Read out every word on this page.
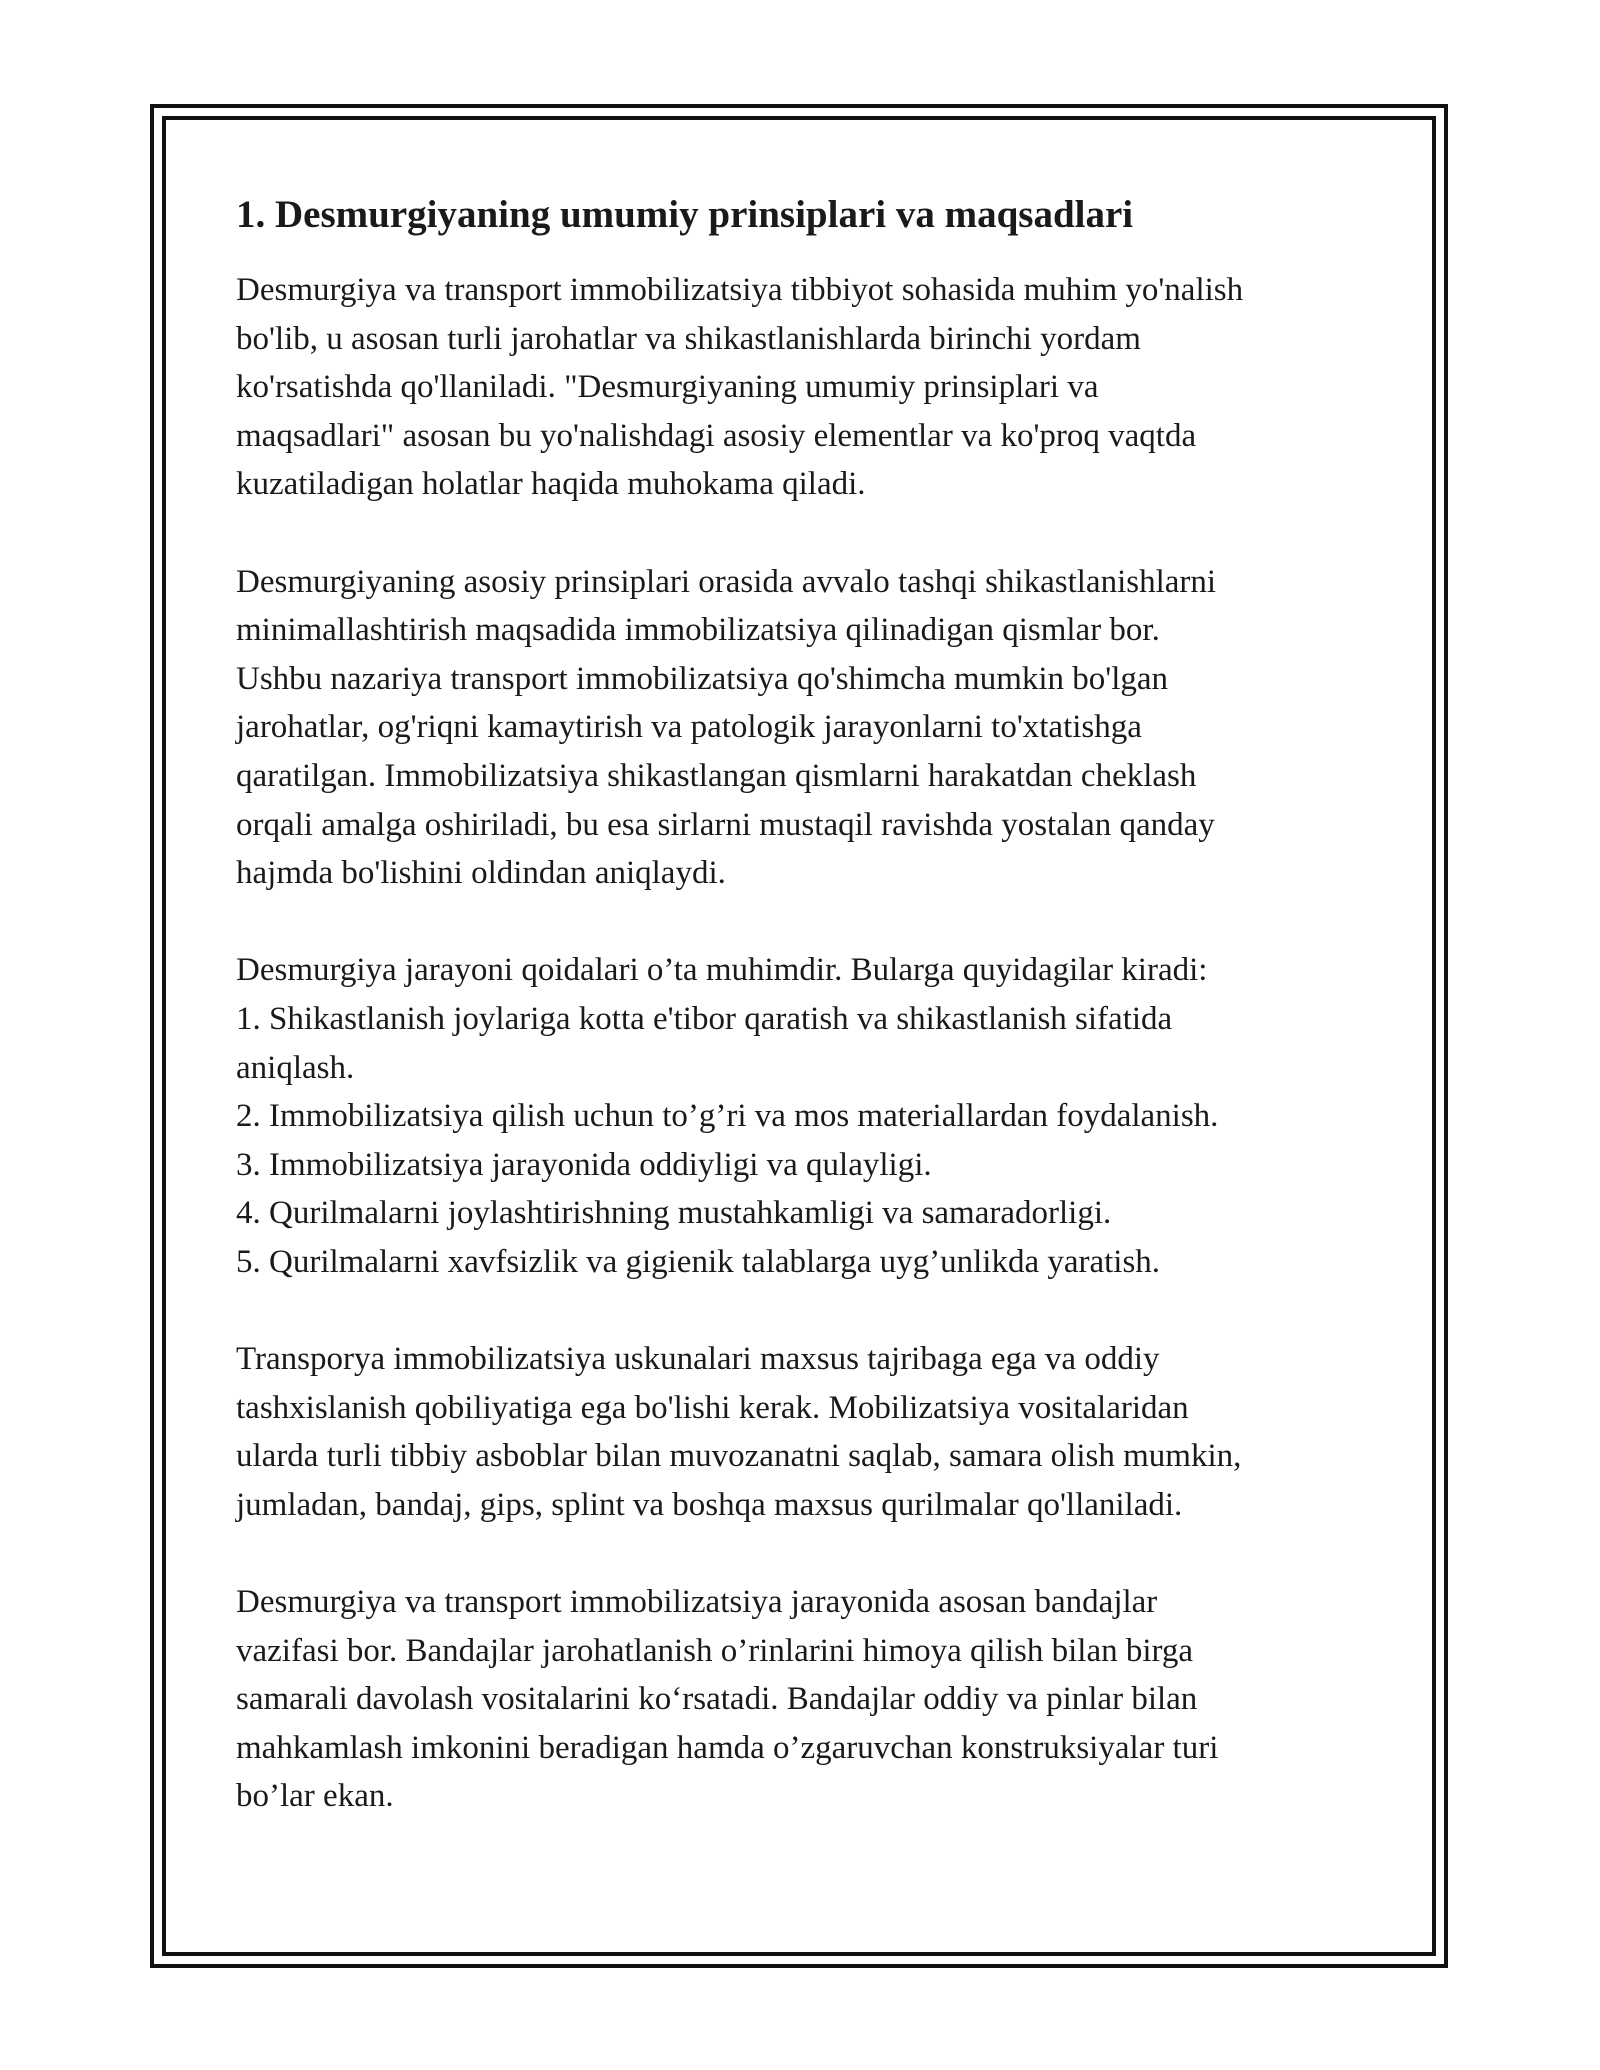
1. Desmurgiyaning umumiy prinsiplari va maqsadlari

Desmurgiya va transport immobilizatsiya tibbiyot sohasida muhim yo'nalish
bo'lib, u asosan turli jarohatlar va shikastlanishlarda birinchi yordam
ko'rsatishda qo'llaniladi. "Desmurgiyaning umumiy prinsiplari va
maqsadlari" asosan bu yo'nalishdagi asosiy elementlar va ko'proq vaqtda
kuzatiladigan holatlar haqida muhokama qiladi.

Desmurgiyaning asosiy prinsiplari orasida avvalo tashqi shikastlanishlarni
minimallashtirish maqsadida immobilizatsiya qilinadigan qismlar bor.
Ushbu nazariya transport immobilizatsiya qo'shimcha mumkin bo'lgan
jarohatlar, og'riqni kamaytirish va patologik jarayonlarni to'xtatishga
qaratilgan. Immobilizatsiya shikastlangan qismlarni harakatdan cheklash
orqali amalga oshiriladi, bu esa sirlarni mustaqil ravishda yostalan qanday
hajmda bo'lishini oldindan aniqlaydi.

Desmurgiya jarayoni qoidalari o’ta muhimdir. Bularga quyidagilar kiradi:
1. Shikastlanish joylariga kotta e'tibor qaratish va shikastlanish sifatida
aniqlash.
2. Immobilizatsiya qilish uchun to’g’ri va mos materiallardan foydalanish.
3. Immobilizatsiya jarayonida oddiyligi va qulayligi.
4. Qurilmalarni joylashtirishning mustahkamligi va samaradorligi.
5. Qurilmalarni xavfsizlik va gigienik talablarga uyg’unlikda yaratish.

Transporya immobilizatsiya uskunalari maxsus tajribaga ega va oddiy
tashxislanish qobiliyatiga ega bo'lishi kerak. Mobilizatsiya vositalaridan
ularda turli tibbiy asboblar bilan muvozanatni saqlab, samara olish mumkin,
jumladan, bandaj, gips, splint va boshqa maxsus qurilmalar qo'llaniladi.

Desmurgiya va transport immobilizatsiya jarayonida asosan bandajlar
vazifasi bor. Bandajlar jarohatlanish o’rinlarini himoya qilish bilan birga
samarali davolash vositalarini ko‘rsatadi. Bandajlar oddiy va pinlar bilan
mahkamlash imkonini beradigan hamda o’zgaruvchan konstruksiyalar turi
bo’lar ekan.
